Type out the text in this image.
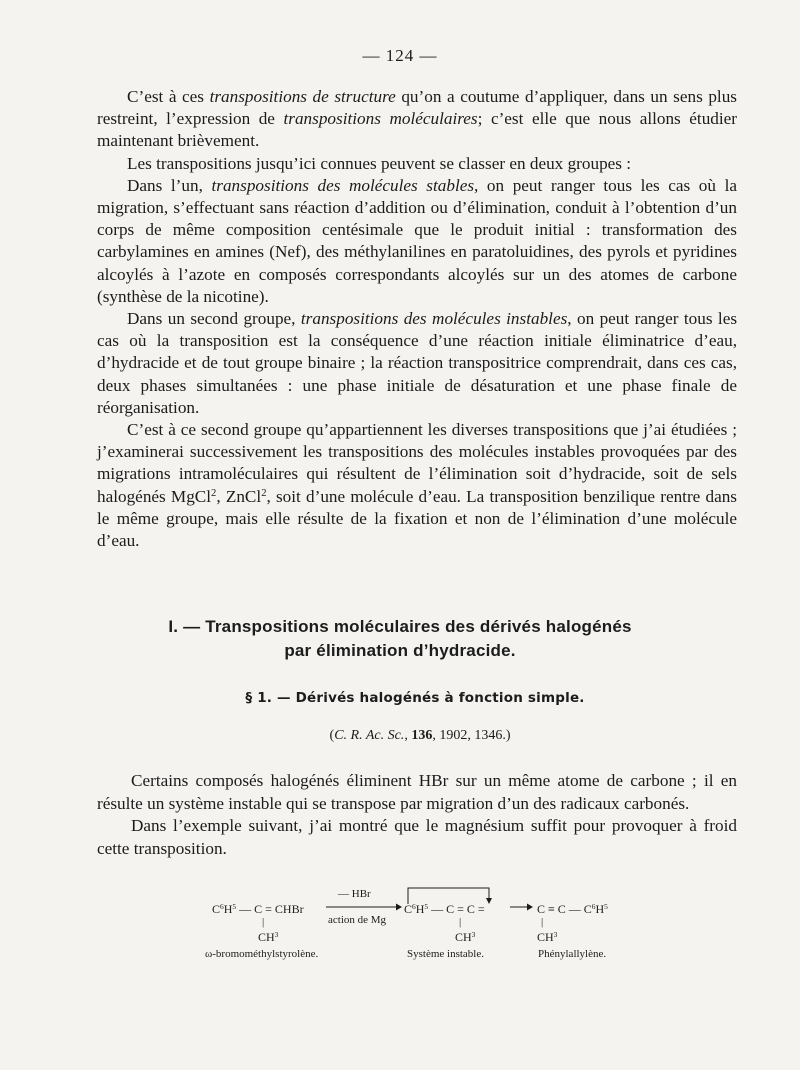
— 124 —

C’est à ces transpositions de structure qu’on a coutume d’appliquer, dans un sens plus restreint, l’expression de transpositions moléculaires; c’est elle que nous allons étudier maintenant brièvement.

Les transpositions jusqu’ici connues peuvent se classer en deux groupes :

Dans l’un, transpositions des molécules stables, on peut ranger tous les cas où la migration, s’effectuant sans réaction d’addition ou d’élimination, conduit à l’obtention d’un corps de même composition centésimale que le produit initial : transformation des carbylamines en amines (Nef), des méthylanilines en paratoluidines, des pyrols et pyridines alcoylés à l’azote en composés correspondants alcoylés sur un des atomes de carbone (synthèse de la nicotine).

Dans un second groupe, transpositions des molécules instables, on peut ranger tous les cas où la transposition est la conséquence d’une réaction initiale éliminatrice d’eau, d’hydracide et de tout groupe binaire ; la réaction transpositrice comprendrait, dans ces cas, deux phases simultanées : une phase initiale de désaturation et une phase finale de réorganisation.

C’est à ce second groupe qu’appartiennent les diverses transpositions que j’ai étudiées ; j’examinerai successivement les transpositions des molécules instables provoquées par des migrations intramoléculaires qui résultent de l’élimination soit d’hydracide, soit de sels halogénés MgCl$^2$, ZnCl$^2$, soit d’une molécule d’eau. La transposition benzilique rentre dans le même groupe, mais elle résulte de la fixation et non de l’élimination d’une molécule d’eau.

I. — Transpositions moléculaires des dérivés halogénés
par élimination d’hydracide.
§ 1. — Dérivés halogénés à fonction simple.
(C. R. Ac. Sc., 136, 1902, 1346.)

Certains composés halogénés éliminent HBr sur un même atome de carbone ; il en résulte un système instable qui se transpose par migration d’un des radicaux carbonés.

Dans l’exemple suivant, j’ai montré que le magnésium suffit pour provoquer à froid cette transposition.

$C^6H^5$ — C = CHBr
|
$CH^3$
— HBr
action de Mg
$C^6H^5$ — C = C =
|
$CH^3$
C ≡ C — $C^6H^5$
|
$CH^3$
ω-bromométhylstyrolène.	Système instable.	Phénylallylène.
